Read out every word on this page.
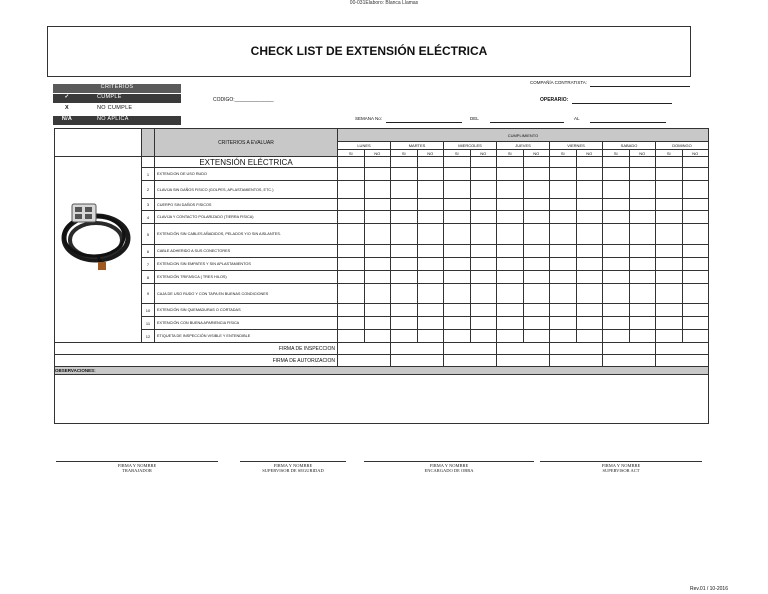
00-031Elaboro: Blanca Llamas
CHECK LIST DE EXTENSIÓN ELÉCTRICA
CRITERIOS
✓	CUMPLE
X	NO CUMPLE
N/A	NO APLICA
COMPAÑÍA CONTRATISTA:
CODIGO:______________	OPERARIO:
SEMANA No:	DEL	AL
		CRITERIOS A EVALUAR	CUMPLIMIENTO													
			LUNES		MARTES		MIERCOLES		JUEVES		VIERNES		SABADO		DOMINGO	
			SI	NO	SI	NO	SI	NO	SI	NO	SI	NO	SI	NO	SI	NO
		EXTENSIÓN ELÉCTRICA														
	1	EXTENCION DE USO RUDO														
	2	CLAVIJA SIN DAÑOS FISICO (GOLPES, APLASTAMIENTOS, ETC.)														
	3	CUERPO SIN DAÑOS FISICOS														
	4	CLAVIJA Y CONTACTO POLARIZADO (TIERRA FISICA)														
	5	EXTENCIÓN SIN CABLES AÑADIDOS, PELADOS Y/O SIN AISLANTES.														
	6	CABLE ADHERIDO A SUS CONECTORES														
	7	EXTENCION SIN EMPATES Y SIN APLASTAMIENTOS														
	8	EXTENCIÓN TRIFASICA ( TRES HILOS)														
	9	CAJA DE USO RUDO Y CON TAPA EN BUENAS CONDICIONES														
	10	EXTENCIÓN SIN QUEMADURAS O CORTADAS														
	11	EXTENCIÓN CON BUENA APARIENCIA FISICA														
	12	ETIQUETA DE INSPECCIÓN VISIBLE Y ENTENDIBLE														
FIRMA DE INSPECCION																
FIRMA DE AUTORIZACION																
OBSERVACIONES:																

FIRMA Y NOMBRE
TRABAJADOR
FIRMA Y NOMBRE
SUPERVISOR DE SEGURIDAD
FIRMA Y NOMBRE
ENCARGADO DE OBRA
FIRMA Y NOMBRE
SUPERVISOR ACT
Rev.01 / 10-2016
